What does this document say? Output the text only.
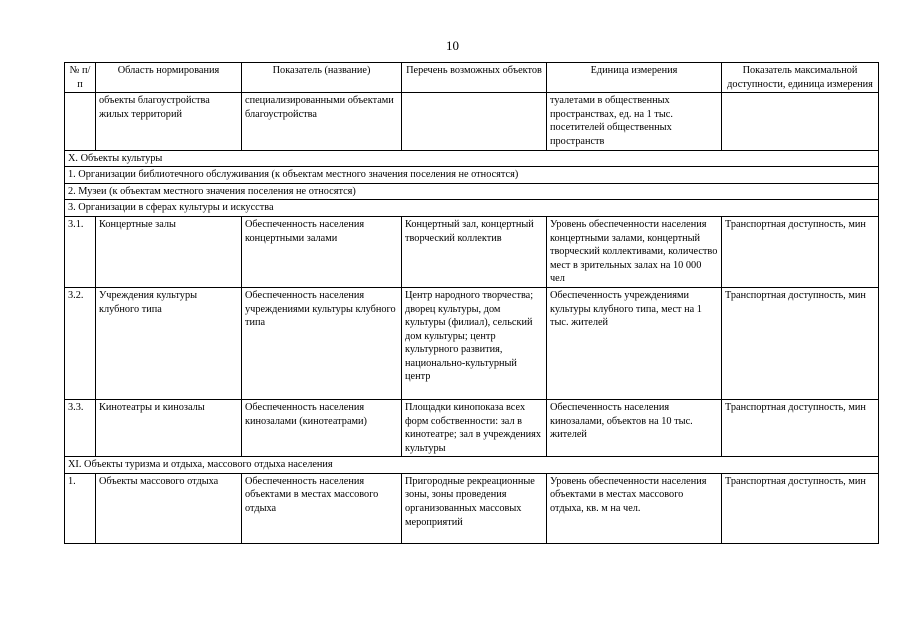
10
№ п/п	Область нормирования	Показатель (название)	Перечень возможных объектов	Единица измерения	Показатель максимальной доступности, единица измерения
	объекты благоустройства жилых территорий	специализированными объектами благоустройства		туалетами в общественных пространствах, ед. на 1 тыс. посетителей общественных пространств	
X. Объекты культуры					
1. Организации библиотечного обслуживания (к объектам местного значения поселения не относятся)					
2. Музеи (к объектам местного значения поселения не относятся)					
3. Организации в сферах культуры и искусства					
3.1.	Концертные залы	Обеспеченность населения концертными залами	Концертный зал, концертный творческий коллектив	Уровень обеспеченности населения концертными залами, концертный творческий коллективами, количество мест в зрительных залах на 10 000 чел	Транспортная доступность, мин
3.2.	Учреждения культуры клубного типа	Обеспеченность населения учреждениями культуры клубного типа	Центр народного творчества; дворец культуры, дом культуры (филиал), сельский дом культуры; центр культурного развития, национально-культурный центр	Обеспеченность учреждениями культуры клубного типа, мест на 1 тыс. жителей	Транспортная доступность, мин
3.3.	Кинотеатры и кинозалы	Обеспеченность населения кинозалами (кинотеатрами)	Площадки кинопоказа всех форм собственности: зал в кинотеатре; зал в учреждениях культуры	Обеспеченность населения кинозалами, объектов на 10 тыс. жителей	Транспортная доступность, мин
XI. Объекты туризма и отдыха, массового отдыха населения					
1.	Объекты массового отдыха	Обеспеченность населения объектами в местах массового отдыха	Пригородные рекреационные зоны, зоны проведения организованных массовых мероприятий	Уровень обеспеченности населения объектами в местах массового отдыха, кв. м на чел.	Транспортная доступность, мин
